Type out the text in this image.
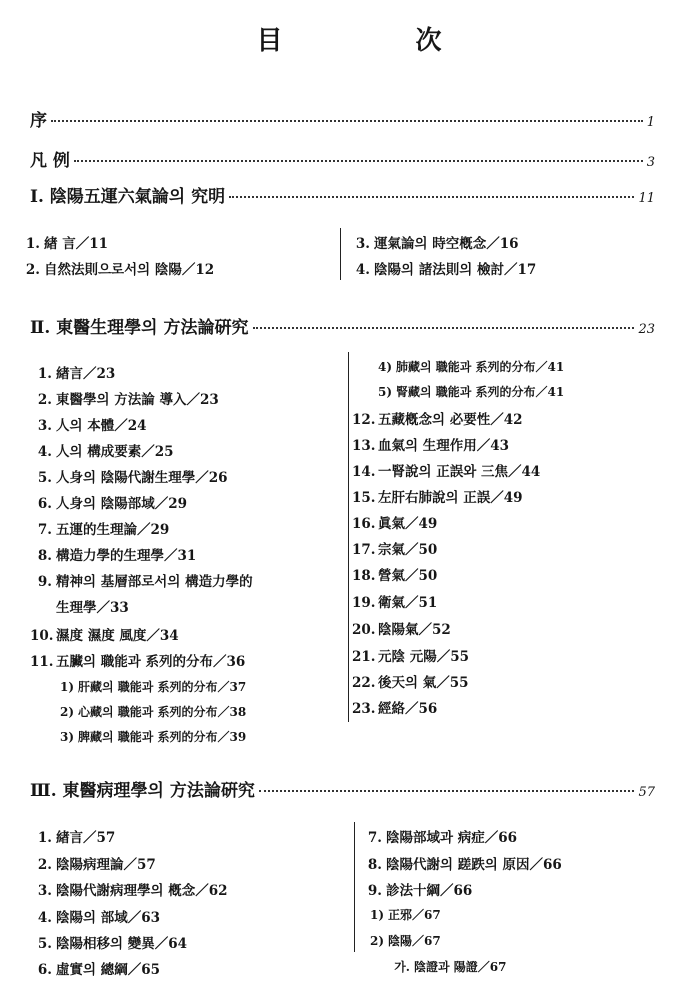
目 次
序	1
凡 例	3
Ⅰ. 陰陽五運六氣論의 究明	11
1. 緖 言／11
2. 自然法則으로서의 陰陽／12
3. 運氣論의 時空槪念／16
4. 陰陽의 諸法則의 檢討／17
Ⅱ. 東醫生理學의 方法論硏究	23
1. 緖言／23
2. 東醫學의 方法論 導入／23
3. 人의 本體／24
4. 人의 構成要素／25
5. 人身의 陰陽代謝生理學／26
6. 人身의 陰陽部域／29
7. 五運的生理論／29
8. 構造力學的生理學／31
9. 精神의 基層部로서의 構造力學的
生理學／33
10. 濕度 濕度 風度／34
11. 五臟의 職能과 系列的分布／36
1) 肝藏의 職能과 系列的分布／37
2) 心藏의 職能과 系列的分布／38
3) 脾藏의 職能과 系列的分布／39
4) 肺藏의 職能과 系列的分布／41
5) 腎藏의 職能과 系列的分布／41
12. 五藏槪念의 必要性／42
13. 血氣의 生理作用／43
14. 一腎說의 正誤와 三焦／44
15. 左肝右肺說의 正誤／49
16. 眞氣／49
17. 宗氣／50
18. 營氣／50
19. 衛氣／51
20. 陰陽氣／52
21. 元陰 元陽／55
22. 後天의 氣／55
23. 經絡／56
Ⅲ. 東醫病理學의 方法論硏究	57
1. 緖言／57
2. 陰陽病理論／57
3. 陰陽代謝病理學의 槪念／62
4. 陰陽의 部域／63
5. 陰陽相移의 變異／64
6. 虛實의 總綱／65
7. 陰陽部域과 病症／66
8. 陰陽代謝의 蹉跌의 原因／66
9. 診法十綱／66
1) 正邪／67
2) 陰陽／67
가. 陰證과 陽證／67
